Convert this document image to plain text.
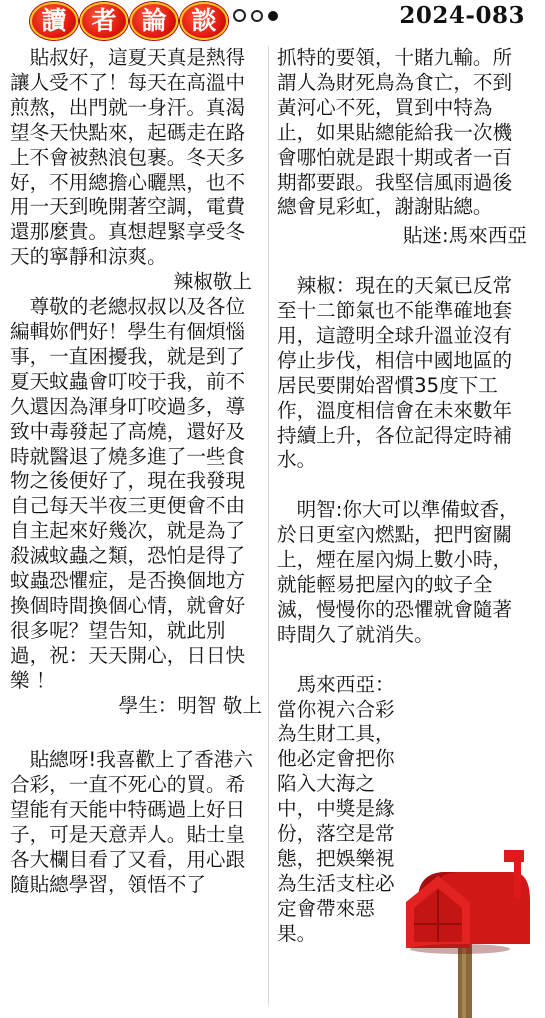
讀 者 論 談	2024-083

貼叔好，這夏天真是熱得讓人受不了！每天在高溫中煎熬，出門就一身汗。真渴望冬天快點來，起碼走在路上不會被熱浪包裹。冬天多好，不用總擔心曬黑，也不用一天到晚開著空調，電費還那麼貴。真想趕緊享受冬天的寧靜和涼爽。

辣椒敬上

尊敬的老總叔叔以及各位編輯妳們好！學生有個煩惱事，一直困擾我，就是到了夏天蚊蟲會叮咬于我，前不久還因為渾身叮咬過多，導致中毒發起了高燒，還好及時就醫退了燒多進了一些食物之後便好了，現在我發現自己每天半夜三更便會不由自主起來好幾次，就是為了殺滅蚊蟲之類，恐怕是得了蚊蟲恐懼症，是否換個地方換個時間換個心情，就會好很多呢？望告知，就此別過，祝：天天開心，日日快樂 ！

學生：明智 敬上

貼總呀!我喜歡上了香港六合彩，一直不死心的買。希望能有天能中特碼過上好日子，可是天意弄人。貼士皇各大欄目看了又看，用心跟隨貼總學習，領悟不了

抓特的要領，十賭九輸。所謂人為財死鳥為食亡，不到黃河心不死，買到中特為止，如果貼總能給我一次機會哪怕就是跟十期或者一百期都要跟。我堅信風雨過後總會見彩虹，謝謝貼總。

貼迷:馬來西亞

辣椒：現在的天氣已反常至十二節氣也不能準確地套用，這證明全球升溫並沒有停止步伐，相信中國地區的居民要開始習慣35度下工作，溫度相信會在未來數年持續上升，各位記得定時補水。

明智:你大可以準備蚊香，於日更室內燃點，把門窗關上，煙在屋內焗上數小時，就能輕易把屋內的蚊子全滅，慢慢你的恐懼就會隨著時間久了就消失。

馬來西亞：當你視六合彩為生財工具，他必定會把你陷入大海之中，中獎是緣份，落空是常態，把娛樂視為生活支柱必定會帶來惡果。
